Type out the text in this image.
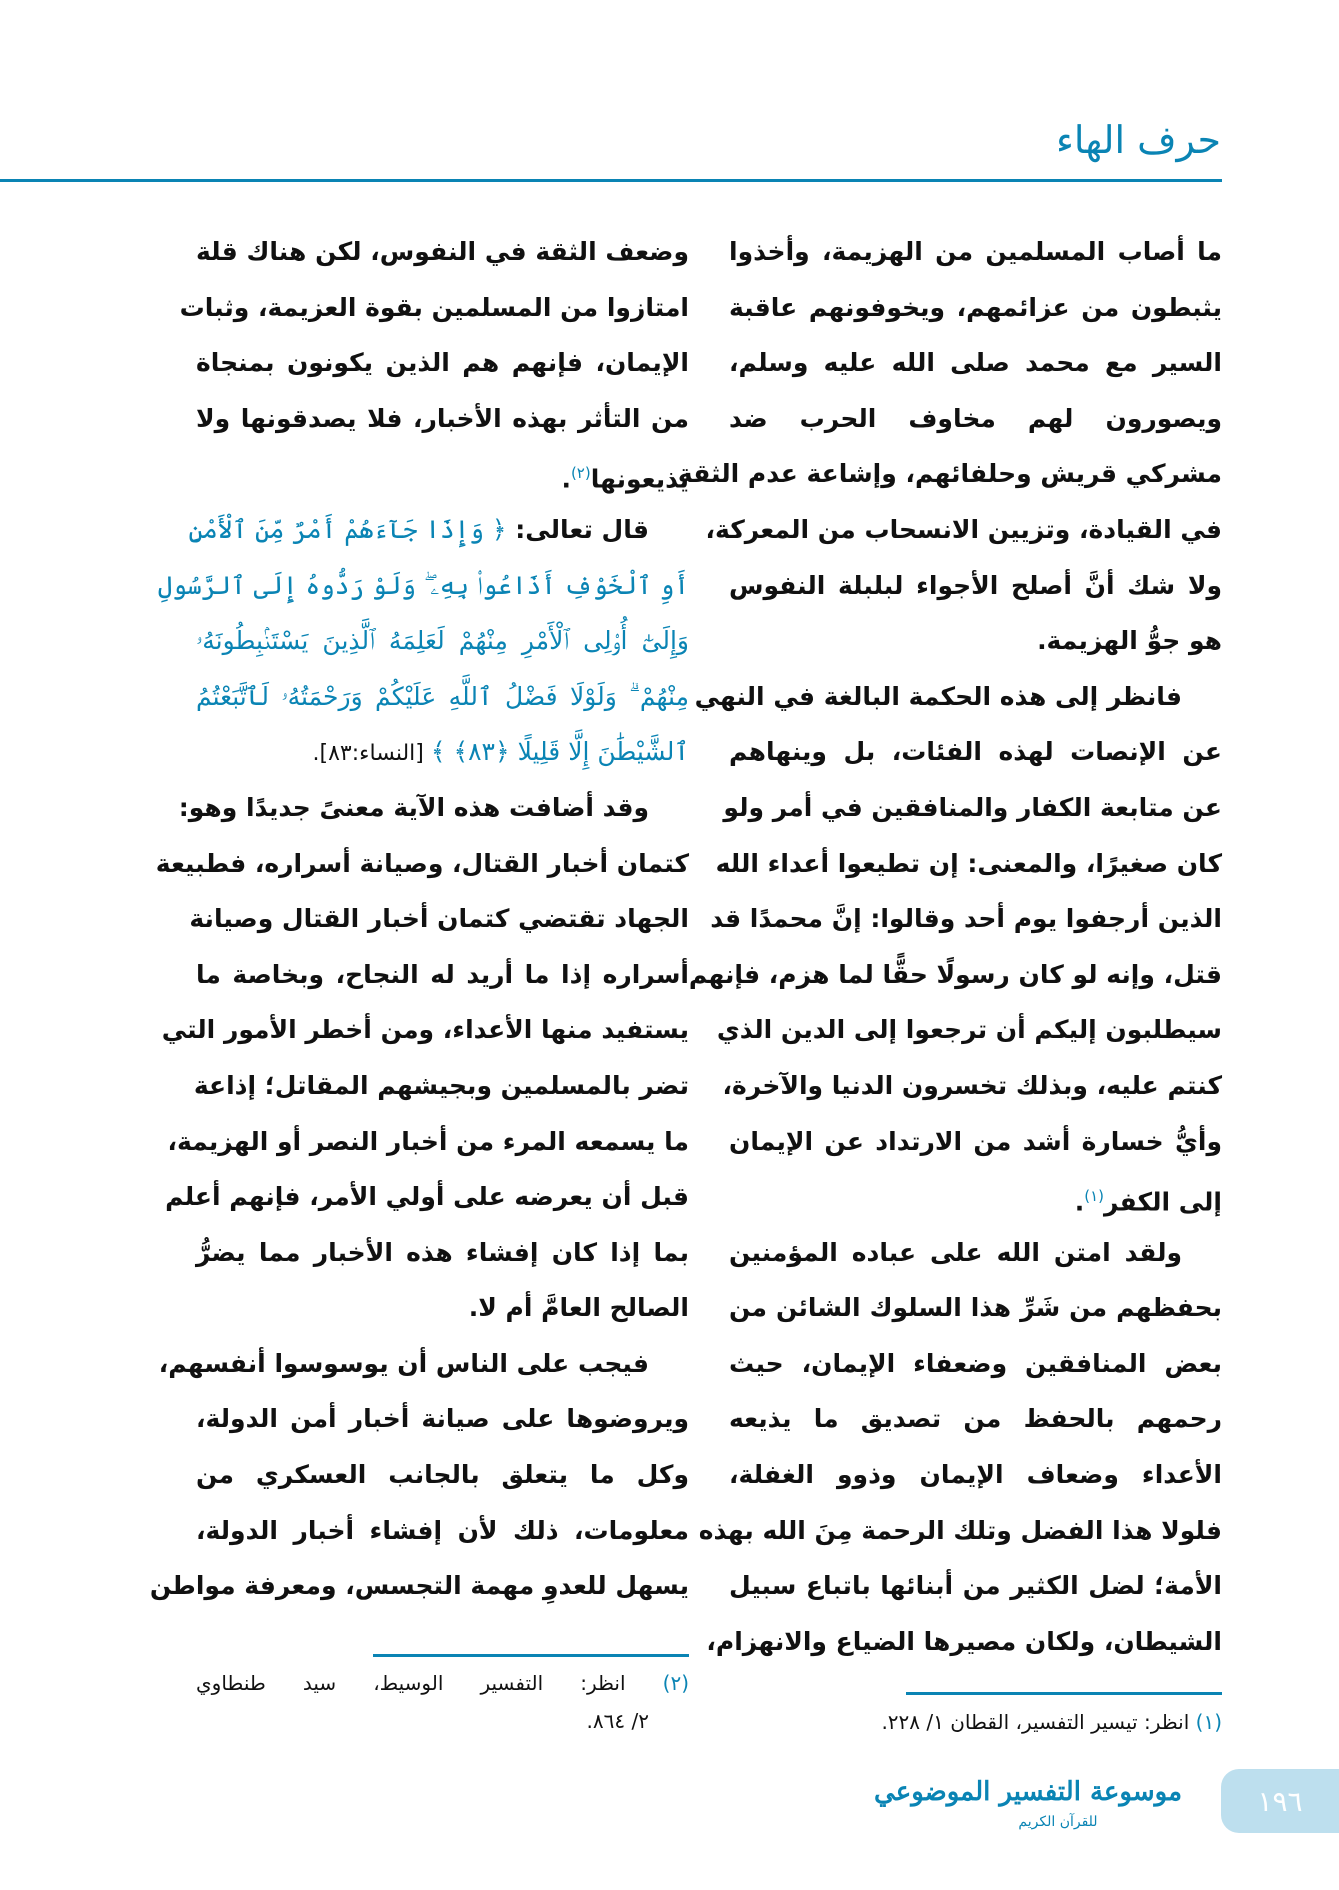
حرف الهاء
ما أصاب المسلمين من الهزيمة، وأخذوا
يثبطون من عزائمهم، ويخوفونهم عاقبة
السير مع محمد صلى الله عليه وسلم،
ويصورون لهم مخاوف الحرب ضد
مشركي قريش وحلفائهم، وإشاعة عدم الثقة
في القيادة، وتزيين الانسحاب من المعركة،
ولا شك أنَّ أصلح الأجواء لبلبلة النفوس
هو جوُّ الهزيمة.
فانظر إلى هذه الحكمة البالغة في النهي
عن الإنصات لهذه الفئات، بل وينهاهم
عن متابعة الكفار والمنافقين في أمر ولو
كان صغيرًا، والمعنى: إن تطيعوا أعداء الله
الذين أرجفوا يوم أحد وقالوا: إنَّ محمدًا قد
قتل، وإنه لو كان رسولًا حقًّا لما هزم، فإنهم
سيطلبون إليكم أن ترجعوا إلى الدين الذي
كنتم عليه، وبذلك تخسرون الدنيا والآخرة،
وأيُّ خسارة أشد من الارتداد عن الإيمان
إلى الكفر$^{(١)}$.
ولقد امتن الله على عباده المؤمنين
بحفظهم من شَرِّ هذا السلوك الشائن من
بعض المنافقين وضعفاء الإيمان، حيث
رحمهم بالحفظ من تصديق ما يذيعه
الأعداء وضعاف الإيمان وذوو الغفلة،
فلولا هذا الفضل وتلك الرحمة مِنَ الله بهذه
الأمة؛ لضل الكثير من أبنائها باتباع سبيل
الشيطان، ولكان مصيرها الضياع والانهزام،
وضعف الثقة في النفوس، لكن هناك قلة
امتازوا من المسلمين بقوة العزيمة، وثبات
الإيمان، فإنهم هم الذين يكونون بمنجاة
من التأثر بهذه الأخبار، فلا يصدقونها ولا
يذيعونها$^{(٢)}$.
قال تعالى: ﴿ وَإِذَا جَآءَهُمْ أَمْرٌ مِّنَ ٱلْأَمْنِ
أَوِ ٱلْخَوْفِ أَذَاعُوا۟ بِهِۦ ۖ وَلَوْ رَدُّوهُ إِلَى ٱلرَّسُولِ
وَإِلَىٰٓ أُو۟لِى ٱلْأَمْرِ مِنْهُمْ لَعَلِمَهُ ٱلَّذِينَ يَسْتَنۢبِطُونَهُۥ
مِنْهُمْ ۗ وَلَوْلَا فَضْلُ ٱللَّهِ عَلَيْكُمْ وَرَحْمَتُهُۥ لَٱتَّبَعْتُمُ
ٱلشَّيْطَٰنَ إِلَّا قَلِيلًا ﴿٨٣﴾ ﴾ [النساء:٨٣].
وقد أضافت هذه الآية معنىً جديدًا وهو:
كتمان أخبار القتال، وصيانة أسراره، فطبيعة
الجهاد تقتضي كتمان أخبار القتال وصيانة
أسراره إذا ما أريد له النجاح، وبخاصة ما
يستفيد منها الأعداء، ومن أخطر الأمور التي
تضر بالمسلمين وبجيشهم المقاتل؛ إذاعة
ما يسمعه المرء من أخبار النصر أو الهزيمة،
قبل أن يعرضه على أولي الأمر، فإنهم أعلم
بما إذا كان إفشاء هذه الأخبار مما يضرُّ
الصالح العامَّ أم لا.
فيجب على الناس أن يوسوسوا أنفسهم،
ويروضوها على صيانة أخبار أمن الدولة،
وكل ما يتعلق بالجانب العسكري من
معلومات، ذلك لأن إفشاء أخبار الدولة،
يسهل للعدوِ مهمة التجسس، ومعرفة مواطن
(٢) انظر: التفسير الوسيط، سيد طنطاوي
٢/ ٨٦٤.	(١) انظر: تيسير التفسير، القطان ١/ ٢٢٨.
موسوعة التفسير الموضوعي
للقرآن الكريم
١٩٦
